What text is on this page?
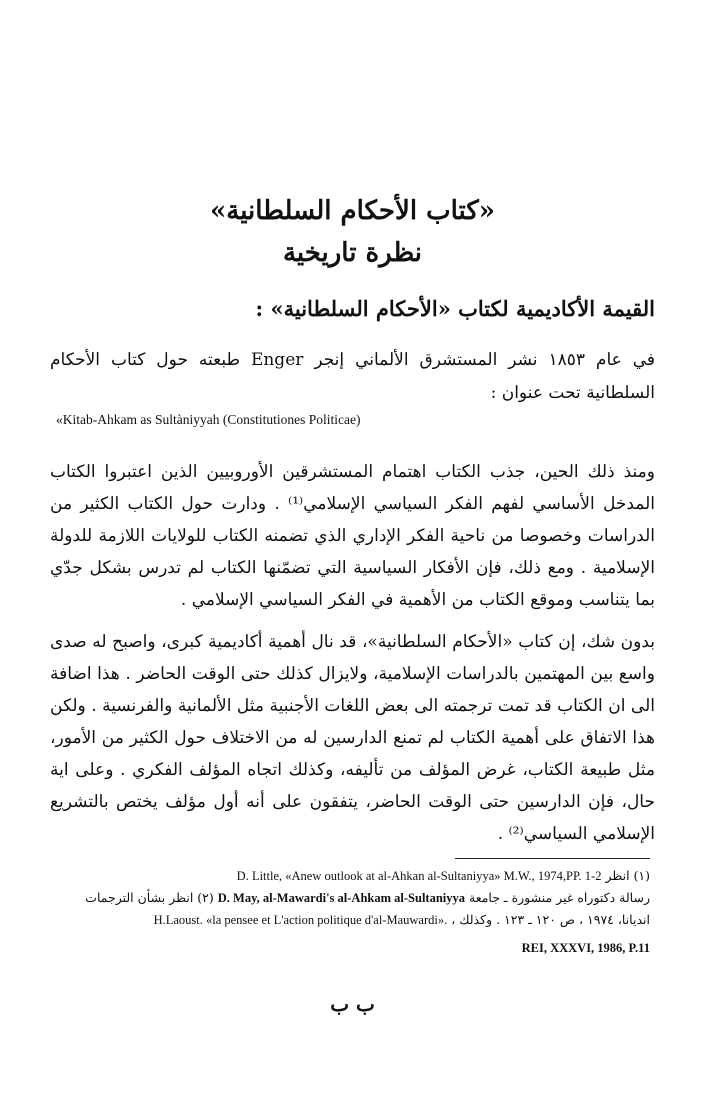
«كتاب الأحكام السلطانية»
نظرة تاريخية
القيمة الأكاديمية لكتاب «الأحكام السلطانية» :
في عام ١٨٥٣ نشر المستشرق الألماني إنجر Enger طبعته حول كتاب الأحكام السلطانية تحت عنوان :
«Kitab-Ahkam as Sultàniyyah (Constitutiones Politicae)
ومنذ ذلك الحين، جذب الكتاب اهتمام المستشرقين الأوروبيين الذين اعتبروا الكتاب المدخل الأساسي لفهم الفكر السياسي الإسلامي⁽¹⁾ . ودارت حول الكتاب الكثير من الدراسات وخصوصا من ناحية الفكر الإداري الذي تضمنه الكتاب للولايات اللازمة للدولة الإسلامية . ومع ذلك، فإن الأفكار السياسية التي تضمّنها الكتاب لم تدرس بشكل جدّي بما يتناسب وموقع الكتاب من الأهمية في الفكر السياسي الإسلامي .
بدون شك، إن كتاب «الأحكام السلطانية»، قد نال أهمية أكاديمية كبرى، واصبح له صدى واسع بين المهتمين بالدراسات الإسلامية، ولايزال كذلك حتى الوقت الحاضر . هذا اضافة الى ان الكتاب قد تمت ترجمته الى بعض اللغات الأجنبية مثل الألمانية والفرنسية . ولكن هذا الاتفاق على أهمية الكتاب لم تمنع الدارسين له من الاختلاف حول الكثير من الأمور، مثل طبيعة الكتاب، غرض المؤلف من تأليفه، وكذلك اتجاه المؤلف الفكري . وعلى اية حال، فإن الدارسين حتى الوقت الحاضر، يتفقون على أنه أول مؤلف يختص بالتشريع الإسلامي السياسي⁽²⁾ .
D. Little, «Anew outlook at al-Ahkan al-Sultaniyya» M.W., 1974,PP. 1-2 (١) انظر
رسالة دكتوراه غير منشورة ـ جامعة D. May, al-Mawardi's al-Ahkam al-Sultaniyya (٢) انظر بشأن الترجمات
H.Laoust. «la pensee et L'action politique d'al-Mauwardi». انديانا، ١٩٧٤ ، ص ١٢٠ ـ ١٢٣ . وكذلك ،
REI, XXXVI, 1986, P.11
ب ب
